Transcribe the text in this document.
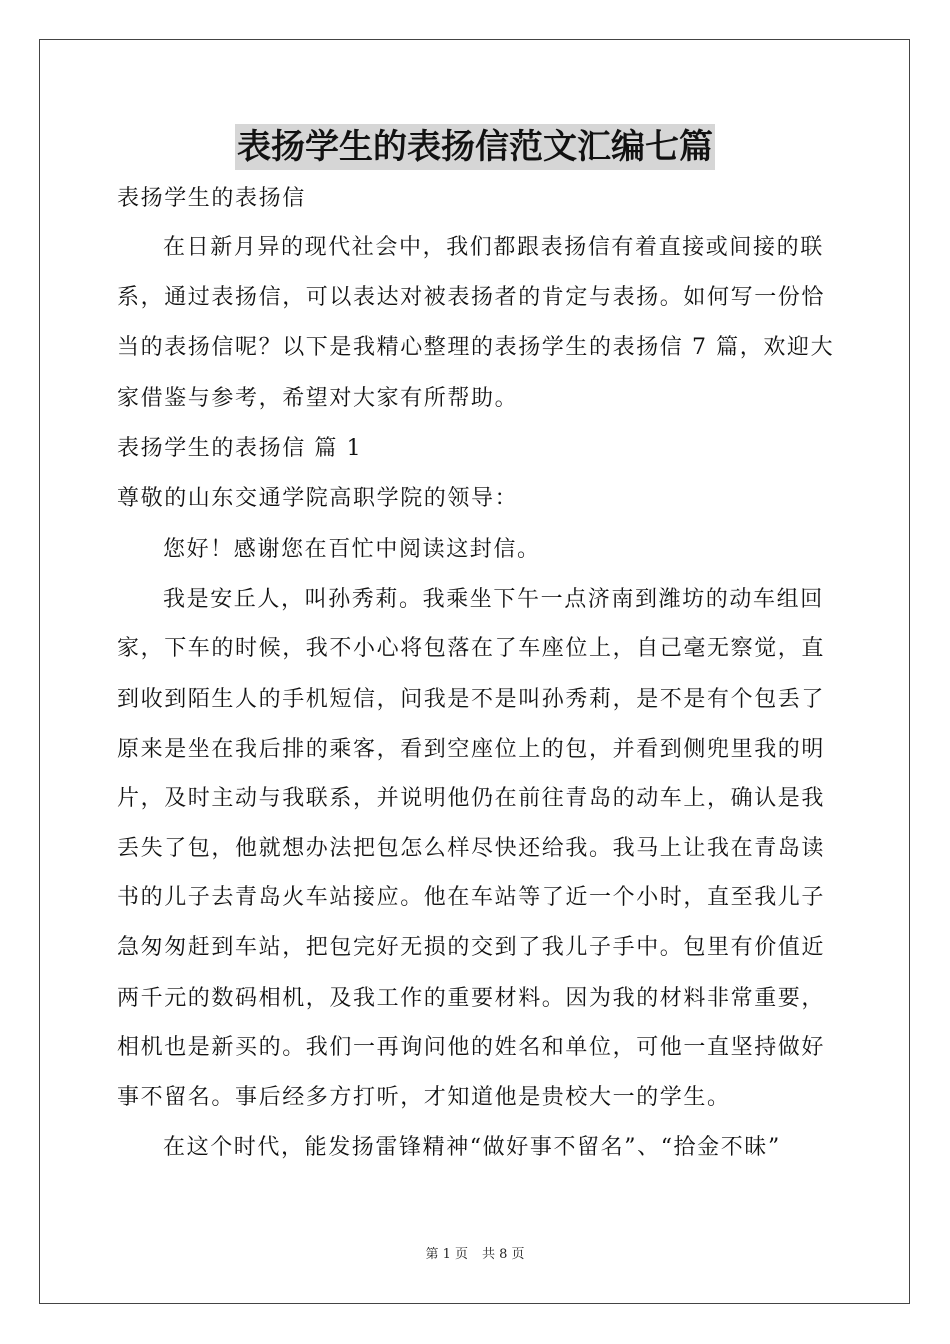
表扬学生的表扬信范文汇编七篇
表扬学生的表扬信
在日新月异的现代社会中，我们都跟表扬信有着直接或间接的联
系，通过表扬信，可以表达对被表扬者的肯定与表扬。如何写一份恰
当的表扬信呢？以下是我精心整理的表扬学生的表扬信 7 篇，欢迎大
家借鉴与参考，希望对大家有所帮助。
表扬学生的表扬信 篇 1
尊敬的山东交通学院高职学院的领导：
您好！感谢您在百忙中阅读这封信。
我是安丘人，叫孙秀莉。我乘坐下午一点济南到潍坊的动车组回
家，下车的时候，我不小心将包落在了车座位上，自己毫无察觉，直
到收到陌生人的手机短信，问我是不是叫孙秀莉，是不是有个包丢了
原来是坐在我后排的乘客，看到空座位上的包，并看到侧兜里我的明
片，及时主动与我联系，并说明他仍在前往青岛的动车上，确认是我
丢失了包，他就想办法把包怎么样尽快还给我。我马上让我在青岛读
书的儿子去青岛火车站接应。他在车站等了近一个小时，直至我儿子
急匆匆赶到车站，把包完好无损的交到了我儿子手中。包里有价值近
两千元的数码相机，及我工作的重要材料。因为我的材料非常重要，
相机也是新买的。我们一再询问他的姓名和单位，可他一直坚持做好
事不留名。事后经多方打听，才知道他是贵校大一的学生。
在这个时代，能发扬雷锋精神“做好事不留名”、“拾金不昧”
第 1 页 共 8 页
